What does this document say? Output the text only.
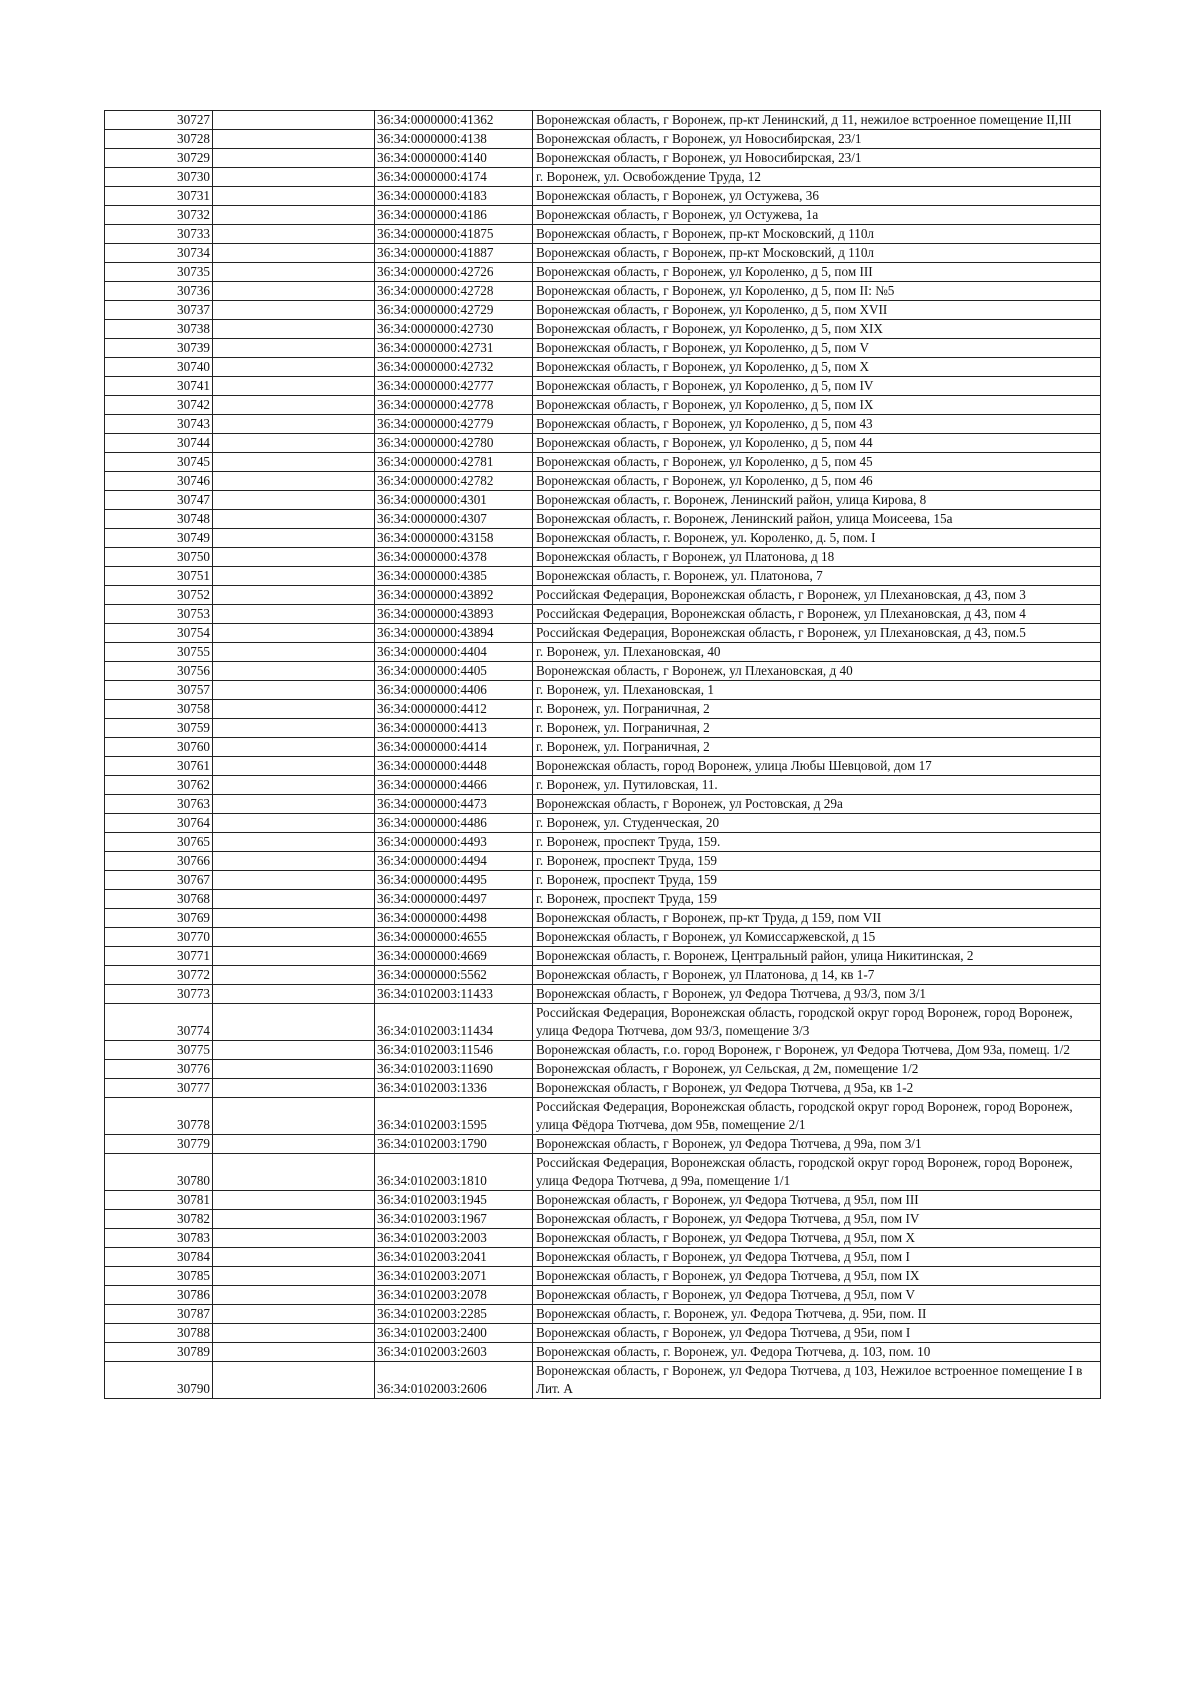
30727		36:34:0000000:41362	Воронежская область, г Воронеж, пр-кт Ленинский, д 11, нежилое встроенное помещение II,III
30728		36:34:0000000:4138	Воронежская область, г Воронеж, ул Новосибирская, 23/1
30729		36:34:0000000:4140	Воронежская область, г Воронеж, ул Новосибирская, 23/1
30730		36:34:0000000:4174	г. Воронеж, ул. Освобождение Труда, 12
30731		36:34:0000000:4183	Воронежская область, г Воронеж, ул Остужева, 36
30732		36:34:0000000:4186	Воронежская область, г Воронеж, ул Остужева, 1а
30733		36:34:0000000:41875	Воронежская область, г Воронеж, пр-кт Московский, д 110л
30734		36:34:0000000:41887	Воронежская область, г Воронеж, пр-кт Московский, д 110л
30735		36:34:0000000:42726	Воронежская область, г Воронеж, ул Короленко, д 5, пом III
30736		36:34:0000000:42728	Воронежская область, г Воронеж, ул Короленко, д 5, пом II: №5
30737		36:34:0000000:42729	Воронежская область, г Воронеж, ул Короленко, д 5, пом XVII
30738		36:34:0000000:42730	Воронежская область, г Воронеж, ул Короленко, д 5, пом XIX
30739		36:34:0000000:42731	Воронежская область, г Воронеж, ул Короленко, д 5, пом V
30740		36:34:0000000:42732	Воронежская область, г Воронеж, ул Короленко, д 5, пом X
30741		36:34:0000000:42777	Воронежская область, г Воронеж, ул Короленко, д 5, пом IV
30742		36:34:0000000:42778	Воронежская область, г Воронеж, ул Короленко, д 5, пом IX
30743		36:34:0000000:42779	Воронежская область, г Воронеж, ул Короленко, д 5, пом 43
30744		36:34:0000000:42780	Воронежская область, г Воронеж, ул Короленко, д 5, пом 44
30745		36:34:0000000:42781	Воронежская область, г Воронеж, ул Короленко, д 5, пом 45
30746		36:34:0000000:42782	Воронежская область, г Воронеж, ул Короленко, д 5, пом 46
30747		36:34:0000000:4301	Воронежская область, г. Воронеж, Ленинский район, улица Кирова, 8
30748		36:34:0000000:4307	Воронежская область, г. Воронеж, Ленинский район, улица Моисеева, 15а
30749		36:34:0000000:43158	Воронежская область, г. Воронеж, ул. Короленко, д. 5, пом. I
30750		36:34:0000000:4378	Воронежская область, г Воронеж, ул Платонова, д 18
30751		36:34:0000000:4385	Воронежская область, г. Воронеж, ул. Платонова, 7
30752		36:34:0000000:43892	Российская Федерация, Воронежская область, г Воронеж, ул Плехановская, д 43, пом 3
30753		36:34:0000000:43893	Российская Федерация, Воронежская область, г Воронеж, ул Плехановская, д 43, пом 4
30754		36:34:0000000:43894	Российская Федерация, Воронежская область, г Воронеж, ул Плехановская, д 43, пом.5
30755		36:34:0000000:4404	г. Воронеж, ул. Плехановская, 40
30756		36:34:0000000:4405	Воронежская область, г Воронеж, ул Плехановская, д 40
30757		36:34:0000000:4406	г. Воронеж, ул. Плехановская, 1
30758		36:34:0000000:4412	г. Воронеж, ул. Пограничная, 2
30759		36:34:0000000:4413	г. Воронеж, ул. Пограничная, 2
30760		36:34:0000000:4414	г. Воронеж, ул. Пограничная, 2
30761		36:34:0000000:4448	Воронежская область, город Воронеж, улица Любы Шевцовой, дом 17
30762		36:34:0000000:4466	г. Воронеж, ул. Путиловская, 11.
30763		36:34:0000000:4473	Воронежская область, г Воронеж, ул Ростовская, д 29а
30764		36:34:0000000:4486	г. Воронеж, ул. Студенческая, 20
30765		36:34:0000000:4493	г. Воронеж, проспект Труда, 159.
30766		36:34:0000000:4494	г. Воронеж, проспект Труда, 159
30767		36:34:0000000:4495	г. Воронеж, проспект Труда, 159
30768		36:34:0000000:4497	г. Воронеж, проспект Труда, 159
30769		36:34:0000000:4498	Воронежская область, г Воронеж, пр-кт Труда, д 159, пом VII
30770		36:34:0000000:4655	Воронежская область, г Воронеж, ул Комиссаржевской, д 15
30771		36:34:0000000:4669	Воронежская область, г. Воронеж, Центральный район, улица Никитинская, 2
30772		36:34:0000000:5562	Воронежская область, г Воронеж, ул Платонова, д 14, кв 1-7
30773		36:34:0102003:11433	Воронежская область, г Воронеж, ул Федора Тютчева, д 93/3, пом 3/1
30774		36:34:0102003:11434	Российская Федерация, Воронежская область, городской округ город Воронеж, город Воронеж, улица Федора Тютчева, дом 93/3, помещение 3/3
30775		36:34:0102003:11546	Воронежская область, г.о. город Воронеж, г Воронеж, ул Федора Тютчева, Дом 93а, помещ. 1/2
30776		36:34:0102003:11690	Воронежская область, г Воронеж, ул Сельская, д 2м, помещение 1/2
30777		36:34:0102003:1336	Воронежская область, г Воронеж, ул Федора Тютчева, д 95а, кв 1-2
30778		36:34:0102003:1595	Российская Федерация, Воронежская область, городской округ город Воронеж, город Воронеж, улица Фёдора Тютчева, дом 95в, помещение 2/1
30779		36:34:0102003:1790	Воронежская область, г Воронеж, ул Федора Тютчева, д 99а, пом 3/1
30780		36:34:0102003:1810	Российская Федерация, Воронежская область, городской округ город Воронеж, город Воронеж, улица Федора Тютчева, д 99а, помещение 1/1
30781		36:34:0102003:1945	Воронежская область, г Воронеж, ул Федора Тютчева, д 95л, пом III
30782		36:34:0102003:1967	Воронежская область, г Воронеж, ул Федора Тютчева, д 95л, пом IV
30783		36:34:0102003:2003	Воронежская область, г Воронеж, ул Федора Тютчева, д 95л, пом X
30784		36:34:0102003:2041	Воронежская область, г Воронеж, ул Федора Тютчева, д 95л, пом I
30785		36:34:0102003:2071	Воронежская область, г Воронеж, ул Федора Тютчева, д 95л, пом IX
30786		36:34:0102003:2078	Воронежская область, г Воронеж, ул Федора Тютчева, д 95л, пом V
30787		36:34:0102003:2285	Воронежская область, г. Воронеж, ул. Федора Тютчева, д. 95и, пом. II
30788		36:34:0102003:2400	Воронежская область, г Воронеж, ул Федора Тютчева, д 95и, пом I
30789		36:34:0102003:2603	Воронежская область, г. Воронеж, ул. Федора Тютчева, д. 103, пом. 10
30790		36:34:0102003:2606	Воронежская область, г Воронеж, ул Федора Тютчева, д 103, Нежилое встроенное помещение I в Лит. А
